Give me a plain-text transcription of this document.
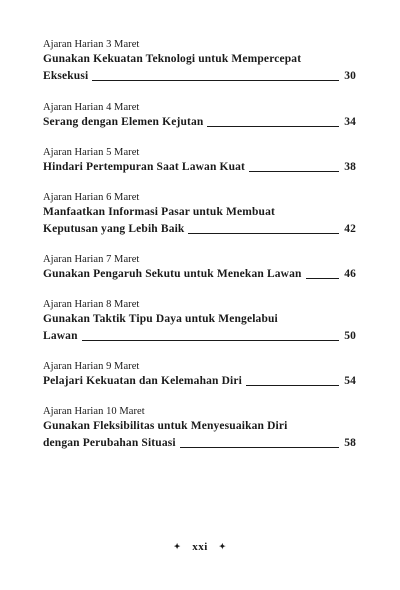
Ajaran Harian 3 Maret
Gunakan Kekuatan Teknologi untuk Mempercepat
Eksekusi	30
Ajaran Harian 4 Maret
Serang dengan Elemen Kejutan	34
Ajaran Harian 5 Maret
Hindari Pertempuran Saat Lawan Kuat	38
Ajaran Harian 6 Maret
Manfaatkan Informasi Pasar untuk Membuat
Keputusan yang Lebih Baik	42
Ajaran Harian 7 Maret
Gunakan Pengaruh Sekutu untuk Menekan Lawan	46
Ajaran Harian 8 Maret
Gunakan Taktik Tipu Daya untuk Mengelabui
Lawan	50
Ajaran Harian 9 Maret
Pelajari Kekuatan dan Kelemahan Diri	54
Ajaran Harian 10 Maret
Gunakan Fleksibilitas untuk Menyesuaikan Diri
dengan Perubahan Situasi	58
✦ xxi ✦
